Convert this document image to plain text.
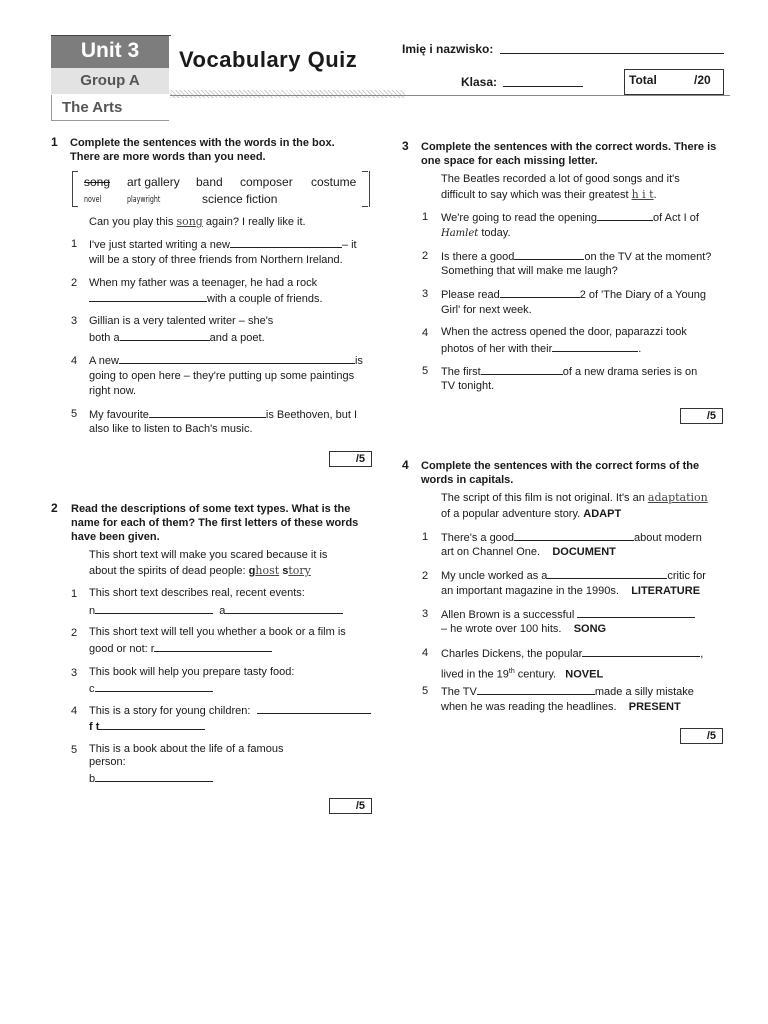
Unit 3
Group A
The Arts
Vocabulary Quiz	Imię i nazwisko:
Klasa:	Total	/20
1 Complete the sentences with the words in the box. There are more words than you need.
song art gallery band composer costume
novel	playwright	science fiction
Can you play this song again? I really like it.
1 I've just started writing a new	– it
will be a story of three friends from Northern Ireland.
2 When my father was a teenager, he had a rock
with a couple of friends.
3 Gillian is a very talented writer – she's
both a	and a poet.
4 A new	is
going to open here – they're putting up some paintings
right now.
5 My favourite	is Beethoven, but I
also like to listen to Bach's music.
/5
2 Read the descriptions of some text types. What is the name for each of them? The first letters of these words have been given.
This short text will make you scared because it is
about the spirits of dead people: ghost story
1 This short text describes real, recent events:
n	a
2 This short text will tell you whether a book or a film is
good or not: r
3 This book will help you prepare tasty food:
c
4 This is a story for young children:
f t
5 This is a book about the life of a famous
person:
b
/5
3 Complete the sentences with the correct words. There is one space for each missing letter.
The Beatles recorded a lot of good songs and it's
difficult to say which was their greatest h i t.
1 We're going to read the opening	of Act I of
Hamlet today.
2 Is there a good	on the TV at the moment?
Something that will make me laugh?
3 Please read	2 of 'The Diary of a Young
Girl' for next week.
4 When the actress opened the door, paparazzi took
photos of her with their	.
5 The first	of a new drama series is on
TV tonight.
/5
4 Complete the sentences with the correct forms of the words in capitals.
The script of this film is not original. It's an adaptation
of a popular adventure story. ADAPT
1 There's a good	about modern
art on Channel One. DOCUMENT
2 My uncle worked as a	critic for
an important magazine in the 1990s. LITERATURE
3 Allen Brown is a successful
– he wrote over 100 hits. SONG
4 Charles Dickens, the popular	,
lived in the 19th century. NOVEL
5 The TV	made a silly mistake
when he was reading the headlines. PRESENT
/5
